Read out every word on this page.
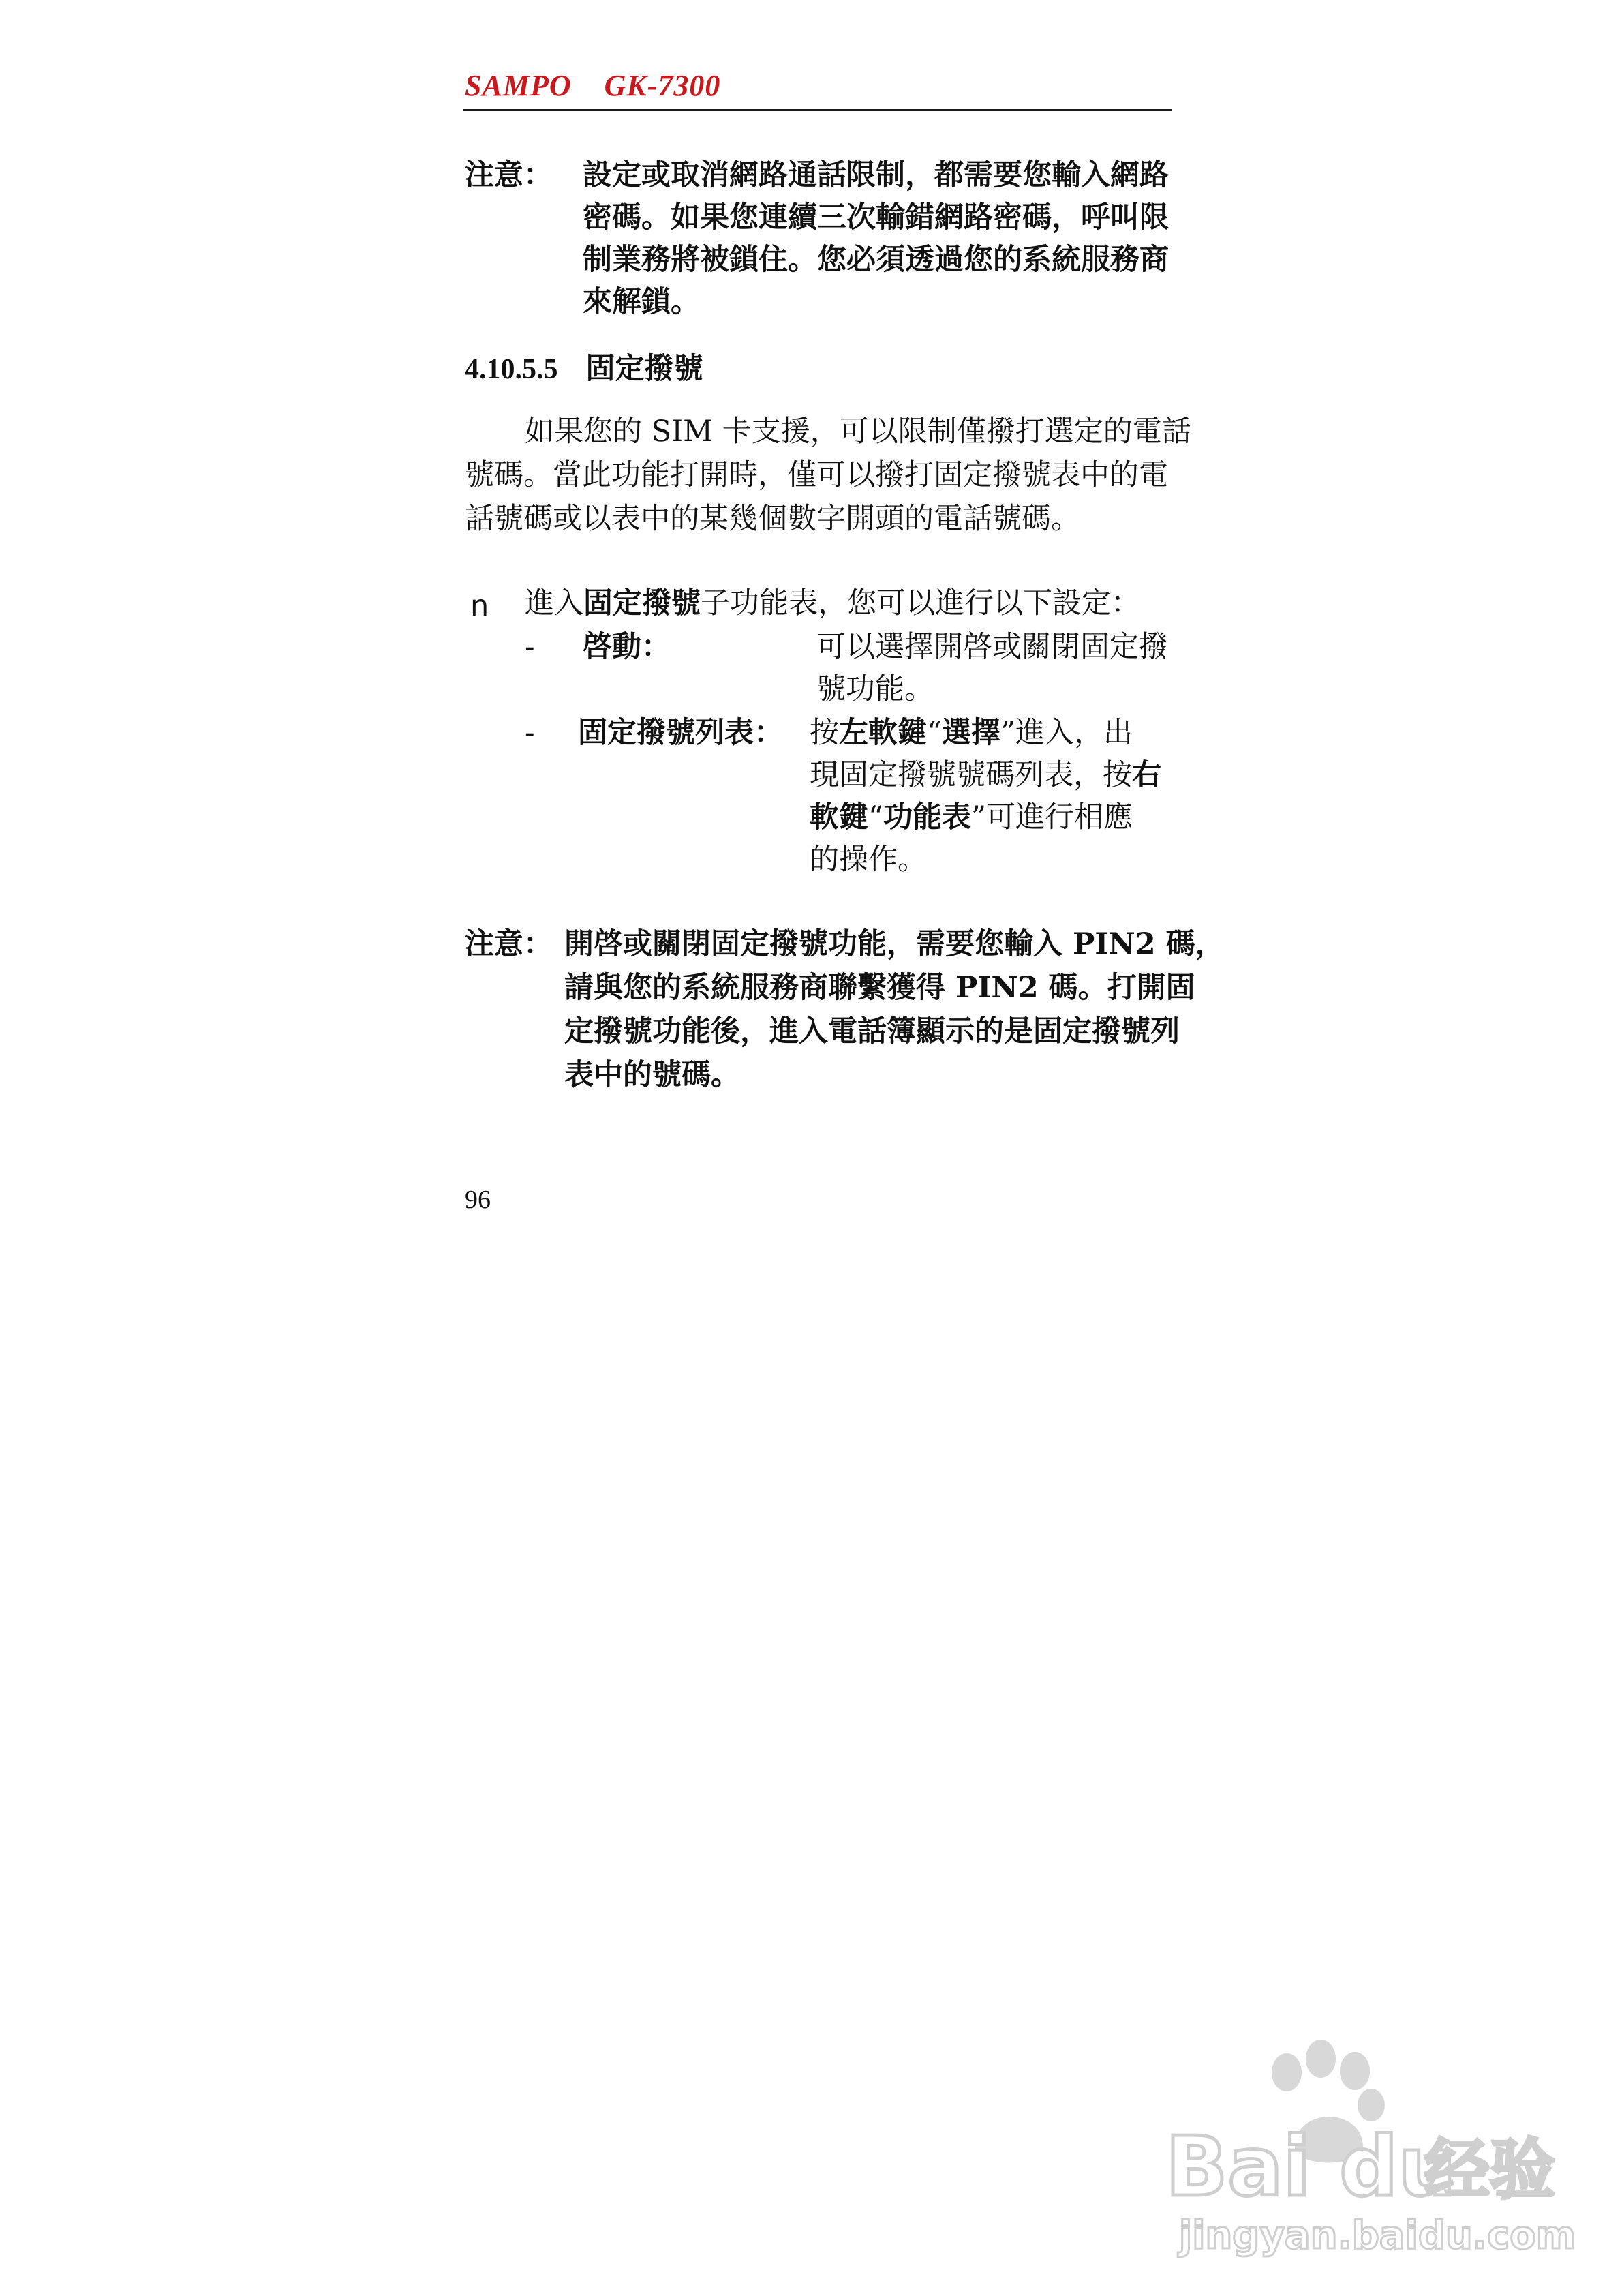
SAMPO    GK-7300
注意： 設定或取消網路通話限制，都需要您輸入網路
密碼。如果您連續三次輸錯網路密碼，呼叫限
制業務將被鎖住。您必須透過您的系統服務商
來解鎖。
4.10.5.5 固定撥號
如果您的 SIM 卡支援，可以限制僅撥打選定的電話
號碼。當此功能打開時，僅可以撥打固定撥號表中的電
話號碼或以表中的某幾個數字開頭的電話號碼。
n 進入固定撥號子功能表，您可以進行以下設定：
- 啓動：	可以選擇開啓或關閉固定撥
號功能。
- 固定撥號列表： 按左軟鍵“選擇”進入，出
現固定撥號號碼列表，按右
軟鍵“功能表”可進行相應
的操作。
注意： 開啓或關閉固定撥號功能，需要您輸入 PIN2 碼，
請與您的系統服務商聯繫獲得 PIN2 碼。打開固
定撥號功能後，進入電話簿顯示的是固定撥號列
表中的號碼。
96
Bai du
经验
jingyan.baidu.com
